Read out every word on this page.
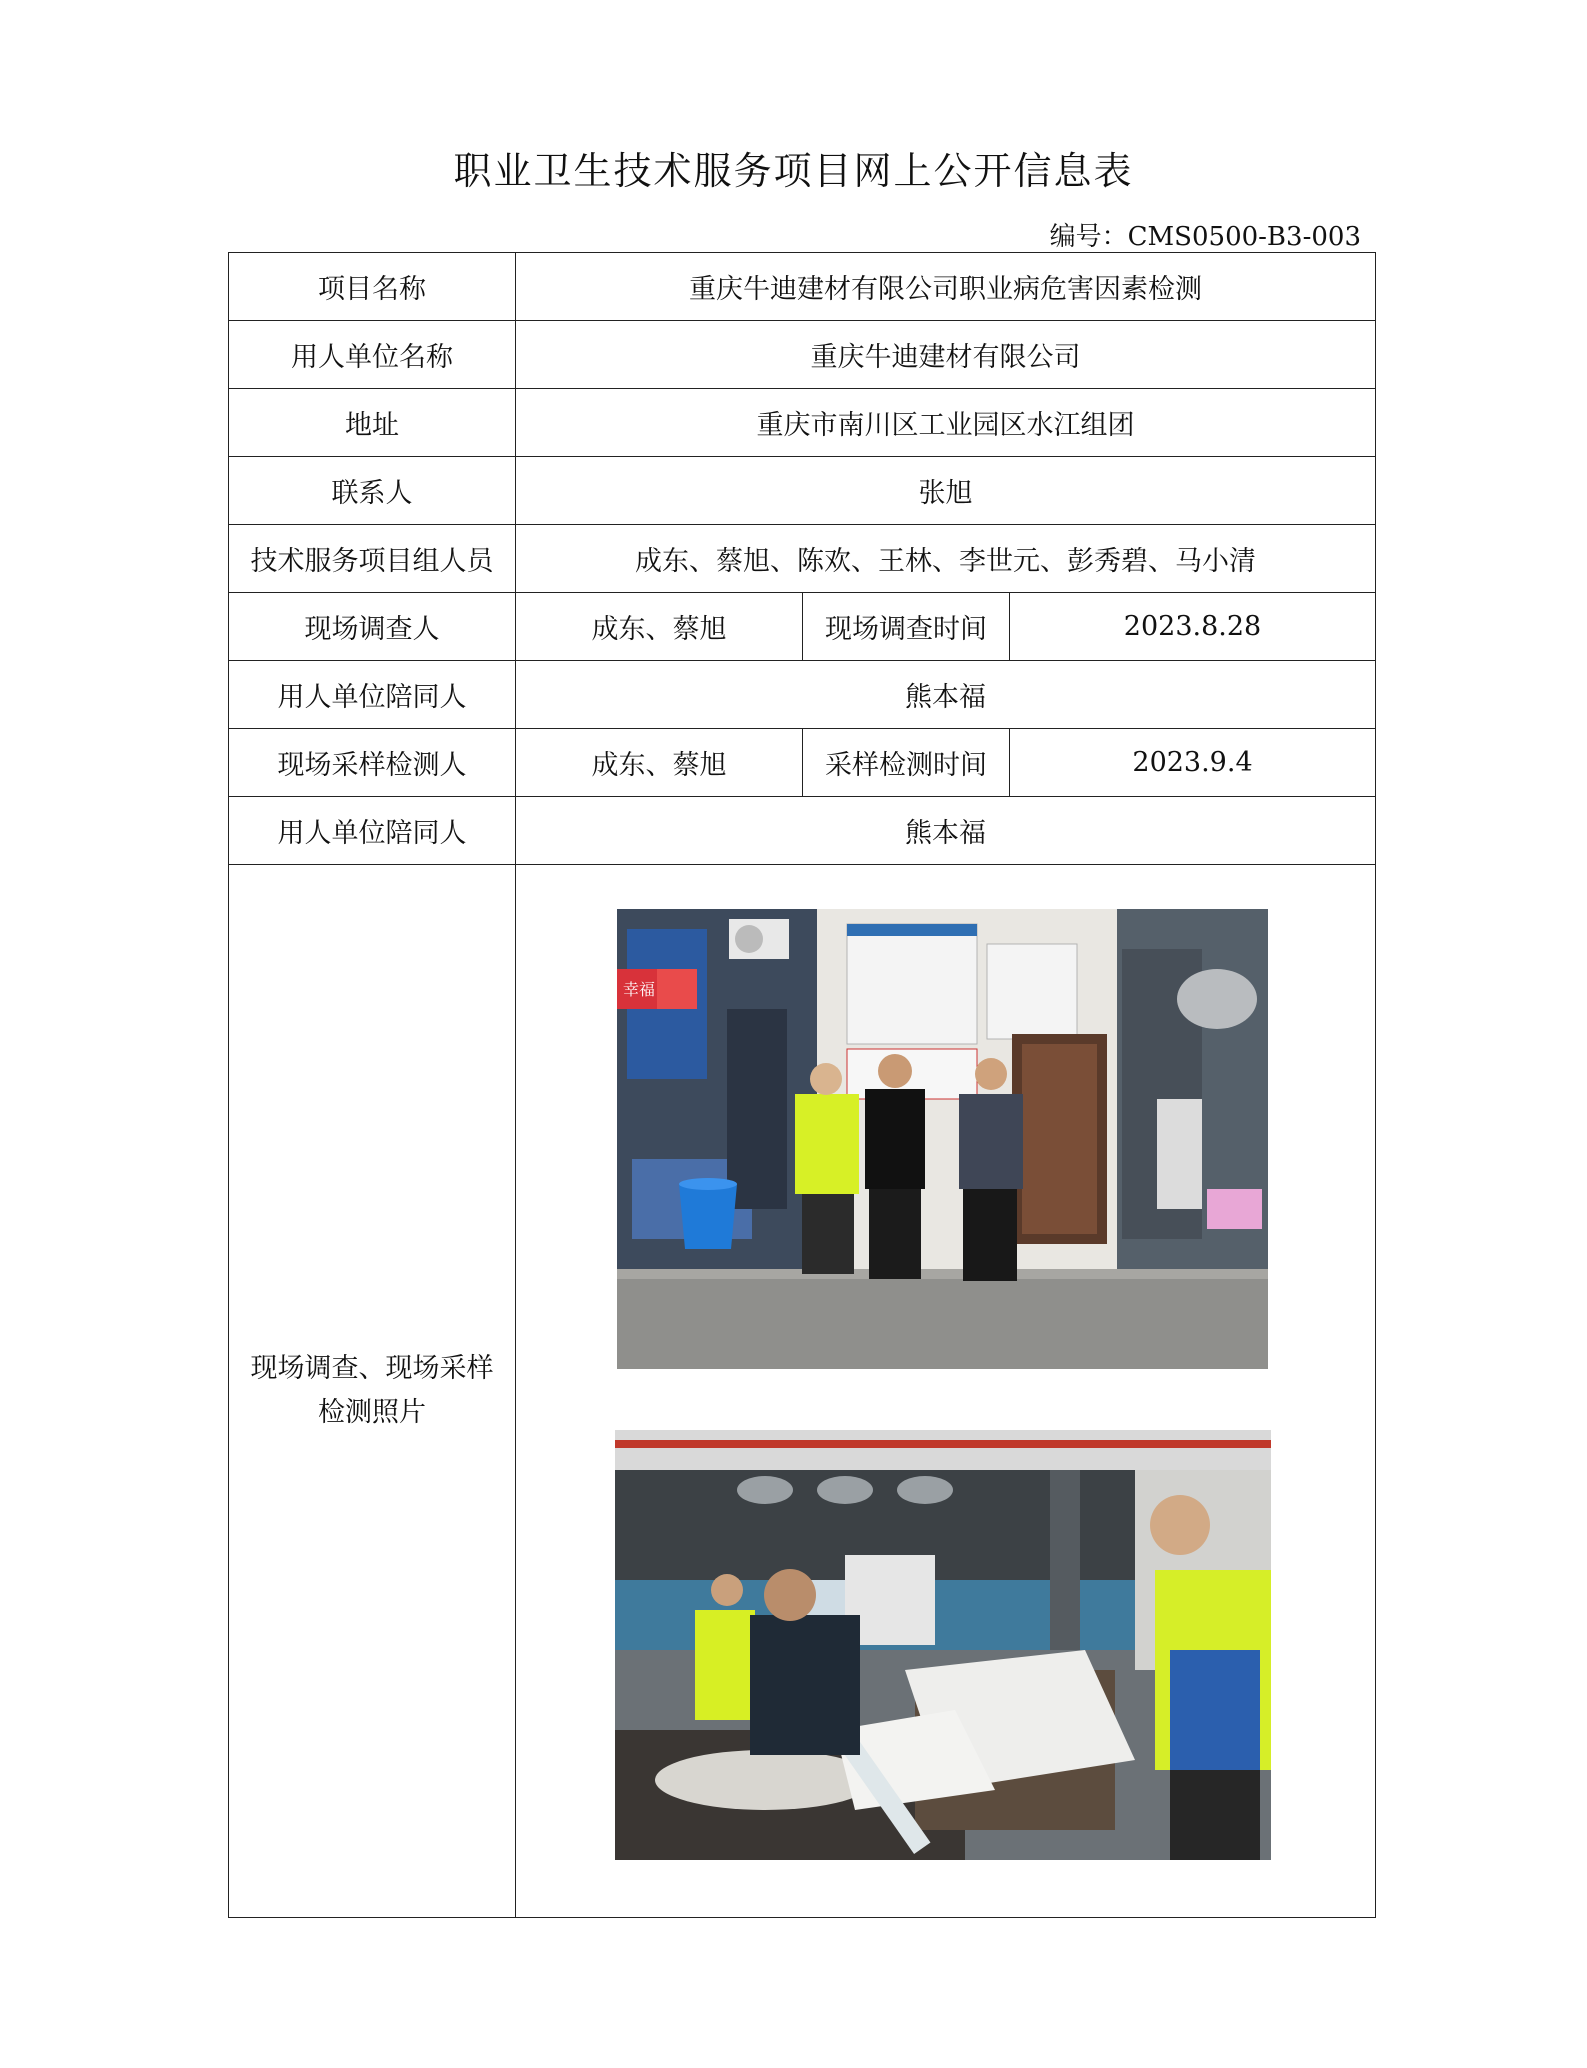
职业卫生技术服务项目网上公开信息表
编号：CMS0500-B3-003
项目名称	重庆牛迪建材有限公司职业病危害因素检测		
用人单位名称	重庆牛迪建材有限公司		
地址	重庆市南川区工业园区水江组团		
联系人	张旭		
技术服务项目组人员	成东、蔡旭、陈欢、王林、李世元、彭秀碧、马小清		
现场调查人	成东、蔡旭	现场调查时间	2023.8.28
用人单位陪同人	熊本福		
现场采样检测人	成东、蔡旭	采样检测时间	2023.9.4
用人单位陪同人	熊本福		

现场调查、现场采样
检测照片	幸福		
